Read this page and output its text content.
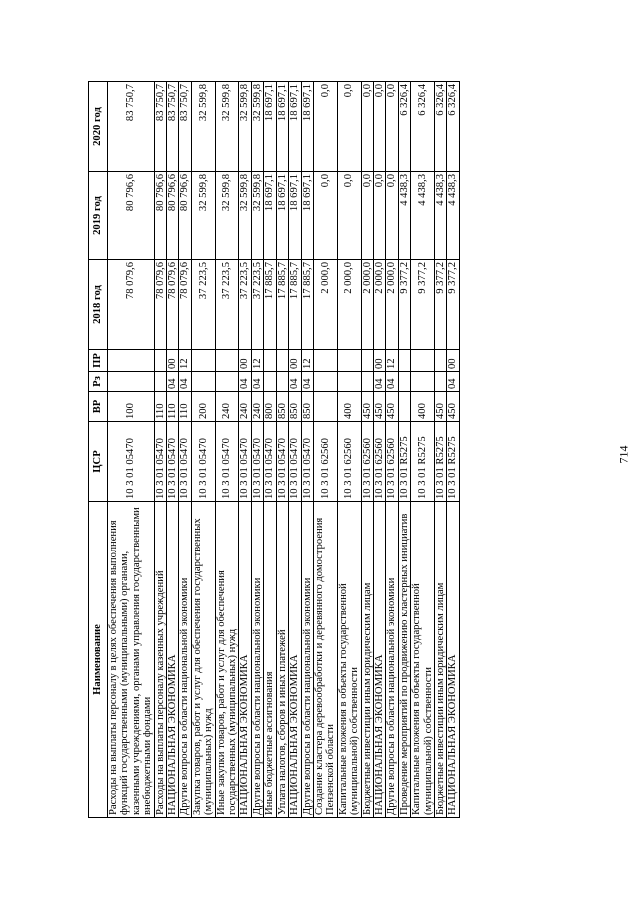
714
Наименование	ЦСР	ВР	Рз	ПР	2018 год	2019 год	2020 год
Расходы на выплаты персоналу в целях обеспечения выполнения функций государственными (муниципальными) органами, казенными учреждениями, органами управления государственными внебюджетными фондами	10 3 01 05470	100			78 079,6	80 796,6	83 750,7
Расходы на выплаты персоналу казенных учреждений	10 3 01 05470	110			78 079,6	80 796,6	83 750,7
НАЦИОНАЛЬНАЯ ЭКОНОМИКА	10 3 01 05470	110	04	00	78 079,6	80 796,6	83 750,7
Другие вопросы в области национальной экономики	10 3 01 05470	110	04	12	78 079,6	80 796,6	83 750,7
Закупка товаров, работ и услуг для обеспечения государственных (муниципальных) нужд	10 3 01 05470	200			37 223,5	32 599,8	32 599,8
Иные закупки товаров, работ и услуг для обеспечения государственных (муниципальных) нужд	10 3 01 05470	240			37 223,5	32 599,8	32 599,8
НАЦИОНАЛЬНАЯ ЭКОНОМИКА	10 3 01 05470	240	04	00	37 223,5	32 599,8	32 599,8
Другие вопросы в области национальной экономики	10 3 01 05470	240	04	12	37 223,5	32 599,8	32 599,8
Иные бюджетные ассигнования	10 3 01 05470	800			17 885,7	18 697,1	18 697,1
Уплата налогов, сборов и иных платежей	10 3 01 05470	850			17 885,7	18 697,1	18 697,1
НАЦИОНАЛЬНАЯ ЭКОНОМИКА	10 3 01 05470	850	04	00	17 885,7	18 697,1	18 697,1
Другие вопросы в области национальной экономики	10 3 01 05470	850	04	12	17 885,7	18 697,1	18 697,1
Создание кластера деревообработки и деревянного домостроения Пензенской области	10 3 01 62560				2 000,0	0,0	0,0
Капитальные вложения в объекты государственной (муниципальной) собственности	10 3 01 62560	400			2 000,0	0,0	0,0
Бюджетные инвестиции иным юридическим лицам	10 3 01 62560	450			2 000,0	0,0	0,0
НАЦИОНАЛЬНАЯ ЭКОНОМИКА	10 3 01 62560	450	04	00	2 000,0	0,0	0,0
Другие вопросы в области национальной экономики	10 3 01 62560	450	04	12	2 000,0	0,0	0,0
Проведение мероприятий по продвижению кластерных инициатив	10 3 01 R5275				9 377,2	4 438,3	6 326,4
Капитальные вложения в объекты государственной (муниципальной) собственности	10 3 01 R5275	400			9 377,2	4 438,3	6 326,4
Бюджетные инвестиции иным юридическим лицам	10 3 01 R5275	450			9 377,2	4 438,3	6 326,4
НАЦИОНАЛЬНАЯ ЭКОНОМИКА	10 3 01 R5275	450	04	00	9 377,2	4 438,3	6 326,4
